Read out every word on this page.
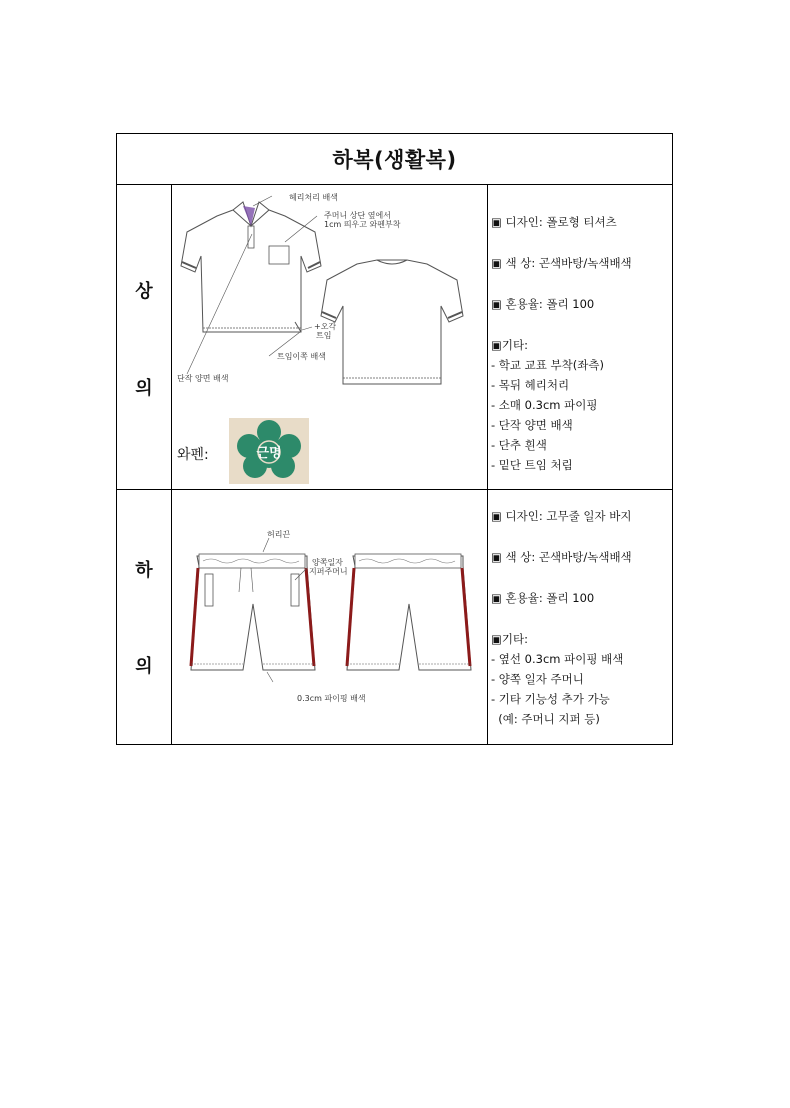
하복(생활복)
상
의
헤리처리 배색
주머니 상단 옆에서
1cm 띄우고 와펜부착
+오각
트임
트임이쪽 배색
단작 양면 배색
와펜:	근명
▣ 디자인: 폴로형 티셔츠
▣ 색 상: 곤색바탕/녹색배색
▣ 혼용율: 폴리 100
▣기타:
- 학교 교표 부착(좌측)
- 목뒤 헤리처리
- 소매 0.3cm 파이핑
- 단작 양면 배색
- 단추 흰색
- 밑단 트임 처림
하
의
허리끈
양쪽일자
지퍼주머니
0.3cm 파이핑 배색
▣ 디자인: 고무줄 일자 바지
▣ 색 상: 곤색바탕/녹색배색
▣ 혼용율: 폴리 100
▣기타:
- 옆선 0.3cm 파이핑 배색
- 양쪽 일자 주머니
- 기타 기능성 추가 가능
(예: 주머니 지퍼 등)
